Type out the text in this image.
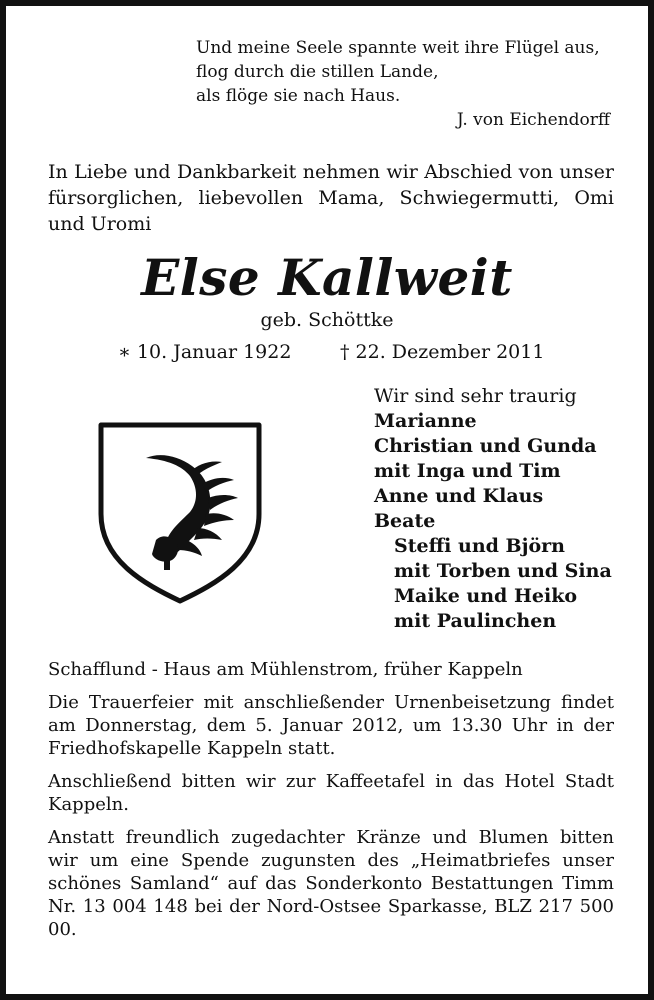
Und meine Seele spannte weit ihre Flügel aus,
flog durch die stillen Lande,
als flöge sie nach Haus.
J. von Eichendorff
In Liebe und Dankbarkeit nehmen wir Abschied von unser fürsorglichen, liebevollen Mama, Schwiegermutti, Omi und Uromi
Else Kallweit
geb. Schöttke
∗ 10. Januar 1922	† 22. Dezember 2011
Wir sind sehr traurig
Marianne
Christian und Gunda
mit Inga und Tim
Anne und Klaus
Beate
Steffi und Björn
mit Torben und Sina
Maike und Heiko
mit Paulinchen

Schafflund - Haus am Mühlenstrom, früher Kappeln

Die Trauerfeier mit anschließender Urnenbeisetzung findet am Donnerstag, dem 5. Januar 2012, um 13.30 Uhr in der Friedhofskapelle Kappeln statt.

Anschließend bitten wir zur Kaffeetafel in das Hotel Stadt Kappeln.

Anstatt freundlich zugedachter Kränze und Blumen bitten wir um eine Spende zugunsten des „Heimatbriefes unser schönes Samland“ auf das Sonderkonto Bestattungen Timm Nr. 13 004 148 bei der Nord-Ostsee Sparkasse, BLZ 217 500 00.
